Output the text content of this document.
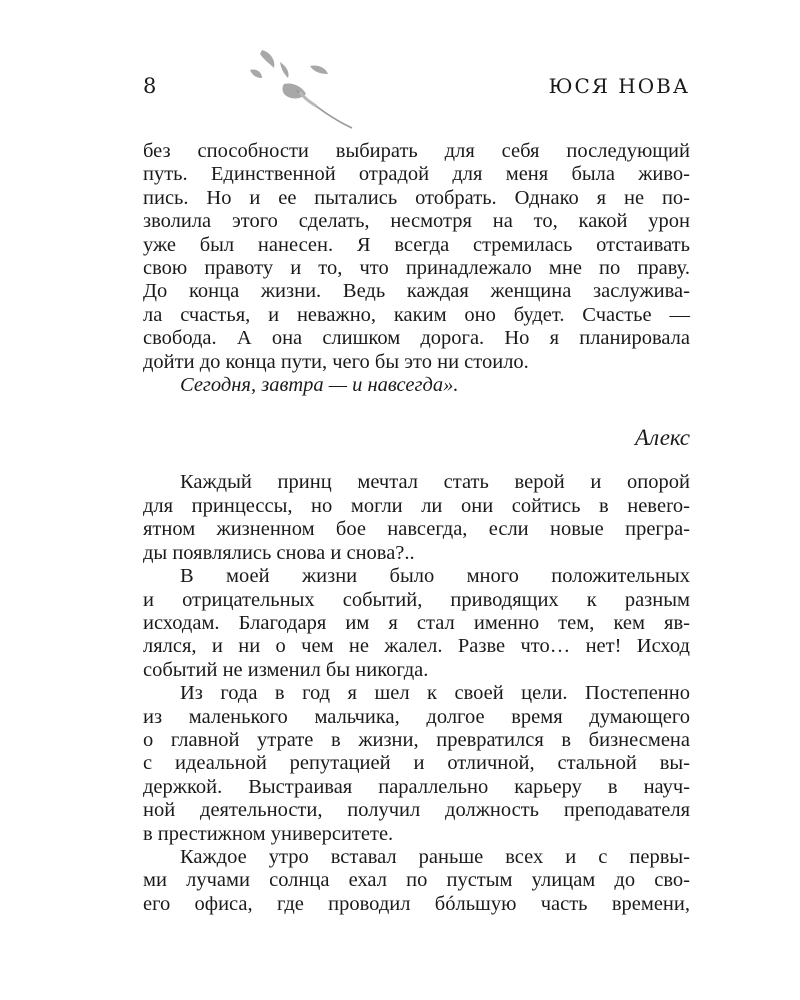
8	ЮСЯ НОВА
без способности выбирать для себя последующий
путь. Единственной отрадой для меня была живо-
пись. Но и ее пытались отобрать. Однако я не по-
зволила этого сделать, несмотря на то, какой урон
уже был нанесен. Я всегда стремилась отстаивать
свою правоту и то, что принадлежало мне по праву.
До конца жизни. Ведь каждая женщина заслужива-
ла счастья, и неважно, каким оно будет. Счастье —
свобода. А она слишком дорога. Но я планировала
дойти до конца пути, чего бы это ни стоило.
Сегодня, завтра — и навсегда».
Алекс
Каждый принц мечтал стать верой и опорой
для принцессы, но могли ли они сойтись в невero-
ятном жизненном бое навсегда, если новые прегра-
ды появлялись снова и снова?..
В моей жизни было много положительных
и отрицательных событий, приводящих к разным
исходам. Благодаря им я стал именно тем, кем яв-
лялся, и ни о чем не жалел. Разве что… нет! Исход
событий не изменил бы никогда.
Из года в год я шел к своей цели. Постепенно
из маленького мальчика, долгое время думающего
о главной утрате в жизни, превратился в бизнесмена
с идеальной репутацией и отличной, стальной вы-
держкой. Выстраивая параллельно карьеру в науч-
ной деятельности, получил должность преподавателя
в престижном университете.
Каждое утро вставал раньше всех и с первы-
ми лучами солнца ехал по пустым улицам до сво-
его офиса, где проводил бóльшую часть времени,
